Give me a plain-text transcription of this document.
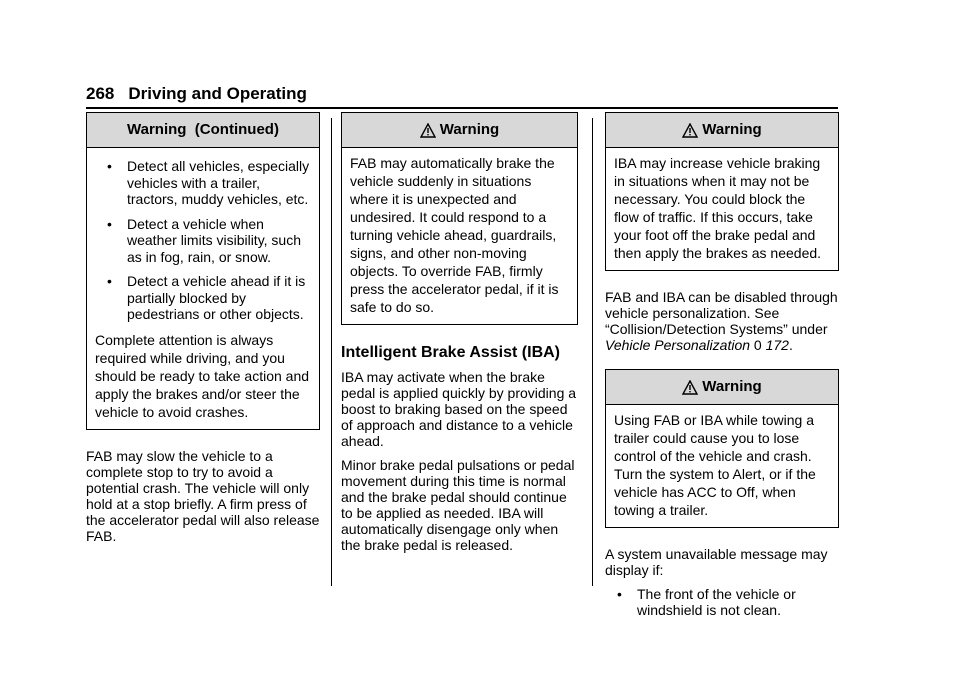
268 Driving and Operating
Warning  (Continued)
• Detect all vehicles, especially vehicles with a trailer, tractors, muddy vehicles, etc.
• Detect a vehicle when weather limits visibility, such as in fog, rain, or snow.
• Detect a vehicle ahead if it is partially blocked by pedestrians or other objects.

Complete attention is always required while driving, and you should be ready to take action and apply the brakes and/or steer the vehicle to avoid crashes.

FAB may slow the vehicle to a complete stop to try to avoid a potential crash. The vehicle will only hold at a stop briefly. A firm press of the accelerator pedal will also release FAB.

Warning

FAB may automatically brake the vehicle suddenly in situations where it is unexpected and undesired. It could respond to a turning vehicle ahead, guardrails, signs, and other non-moving objects. To override FAB, firmly press the accelerator pedal, if it is safe to do so.

Intelligent Brake Assist (IBA)

IBA may activate when the brake pedal is applied quickly by providing a boost to braking based on the speed of approach and distance to a vehicle ahead.

Minor brake pedal pulsations or pedal movement during this time is normal and the brake pedal should continue to be applied as needed. IBA will automatically disengage only when the brake pedal is released.

Warning

IBA may increase vehicle braking in situations when it may not be necessary. You could block the flow of traffic. If this occurs, take your foot off the brake pedal and then apply the brakes as needed.

FAB and IBA can be disabled through vehicle personalization. See “Collision/Detection Systems” under Vehicle Personalization 0 172.

Warning

Using FAB or IBA while towing a trailer could cause you to lose control of the vehicle and crash. Turn the system to Alert, or if the vehicle has ACC to Off, when towing a trailer.

A system unavailable message may display if:

• The front of the vehicle or windshield is not clean.
